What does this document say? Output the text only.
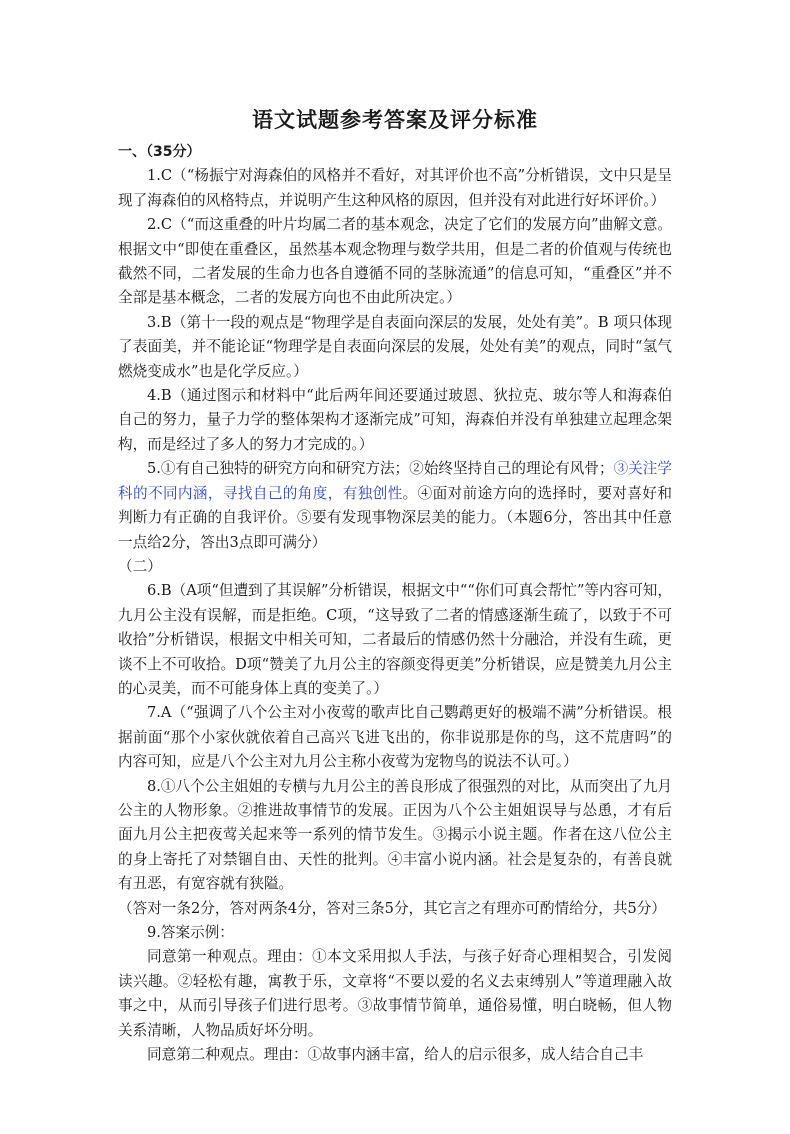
语文试题参考答案及评分标准

一、（35分）

1.C（“杨振宁对海森伯的风格并不看好，对其评价也不高”分析错误，文中只是呈现了海森伯的风格特点，并说明产生这种风格的原因，但并没有对此进行好坏评价。）

2.C（“而这重叠的叶片均属二者的基本观念，决定了它们的发展方向”曲解文意。根据文中“即使在重叠区，虽然基本观念物理与数学共用，但是二者的价值观与传统也截然不同，二者发展的生命力也各自遵循不同的茎脉流通”的信息可知，“重叠区”并不全部是基本概念，二者的发展方向也不由此所决定。）

3.B（第十一段的观点是“物理学是自表面向深层的发展，处处有美”。B 项只体现了表面美，并不能论证“物理学是自表面向深层的发展，处处有美”的观点，同时“氢气燃烧变成水”也是化学反应。）

4.B（通过图示和材料中“此后两年间还要通过玻恩、狄拉克、玻尔等人和海森伯自己的努力，量子力学的整体架构才逐渐完成”可知，海森伯并没有单独建立起理念架构，而是经过了多人的努力才完成的。）

5.①有自己独特的研究方向和研究方法；②始终坚持自己的理论有风骨；③关注学科的不同内涵，寻找自己的角度，有独创性。④面对前途方向的选择时，要对喜好和判断力有正确的自我评价。⑤要有发现事物深层美的能力。（本题6分，答出其中任意一点给2分，答出3点即可满分）

（二）

6.B（A项“但遭到了其误解”分析错误，根据文中““你们可真会帮忙”等内容可知，九月公主没有误解，而是拒绝。C项，“这导致了二者的情感逐渐生疏了，以致于不可收拾”分析错误，根据文中相关可知，二者最后的情感仍然十分融洽，并没有生疏，更谈不上不可收拾。D项“赞美了九月公主的容颜变得更美”分析错误，应是赞美九月公主的心灵美，而不可能身体上真的变美了。）

7.A（“强调了八个公主对小夜莺的歌声比自己鹦鹉更好的极端不满”分析错误。根据前面“那个小家伙就依着自己高兴飞进飞出的，你非说那是你的鸟，这不荒唐吗”的内容可知，应是八个公主对九月公主称小夜莺为宠物鸟的说法不认可。）

8.①八个公主姐姐的专横与九月公主的善良形成了很强烈的对比，从而突出了九月公主的人物形象。②推进故事情节的发展。正因为八个公主姐姐误导与怂恿，才有后面九月公主把夜莺关起来等一系列的情节发生。③揭示小说主题。作者在这八位公主的身上寄托了对禁锢自由、天性的批判。④丰富小说内涵。社会是复杂的，有善良就有丑恶，有宽容就有狭隘。

（答对一条2分，答对两条4分，答对三条5分，其它言之有理亦可酌情给分，共5分）

9.答案示例：

同意第一种观点。理由：①本文采用拟人手法，与孩子好奇心理相契合，引发阅读兴趣。②轻松有趣，寓教于乐，文章将“不要以爱的名义去束缚别人”等道理融入故事之中，从而引导孩子们进行思考。③故事情节简单，通俗易懂，明白晓畅，但人物关系清晰，人物品质好坏分明。

同意第二种观点。理由：①故事内涵丰富，给人的启示很多，成人结合自己丰
